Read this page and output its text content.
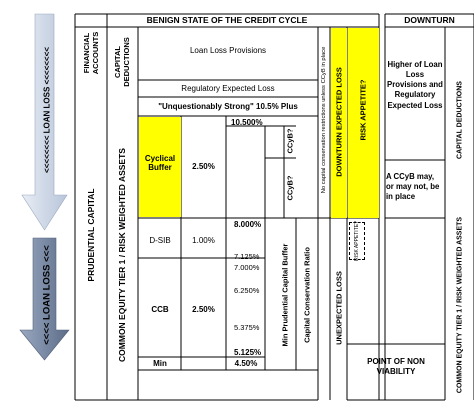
<<<<<<<< LOAN LOSS <<<<<<<<
<<<< LOAN LOSS <<<
RISK APPETITE?
BENIGN STATE OF THE CREDIT CYCLE	DOWNTURN
FINANCIAL ACCOUNTS CAPITAL DEDUCTIONS
PRUDENTIAL CAPITAL COMMON EQUITY TIER 1 / RISK WEIGHTED ASSETS
Loan Loss Provisions
Regulatory Expected Loss
"Unquestionably Strong" 10.5% Plus
Cyclical Buffer	2.50%
10.500%
8.000%
7.125%
7.000%
6.250%
5.375%
5.125%
CCyB?
CCyB?
D-SIB	1.00%
CCB	2.50%
Min	4.50%
Min Prudential Capital Buffer Capital Conservation Ratio
No capital conservation restrictions unless CCyB in place DOWNTURN EXPECTED LOSS RISK APPETITE?
UNEXPECTED LOSS
Higher of Loan Loss Provisions and Regulatory Expected Loss
A CCyB may, or may not, be in place
POINT OF NON VIABILITY
CAPITAL DEDUCTIONS
COMMON EQUITY TIER 1 / RISK WEIGHTED ASSETS
